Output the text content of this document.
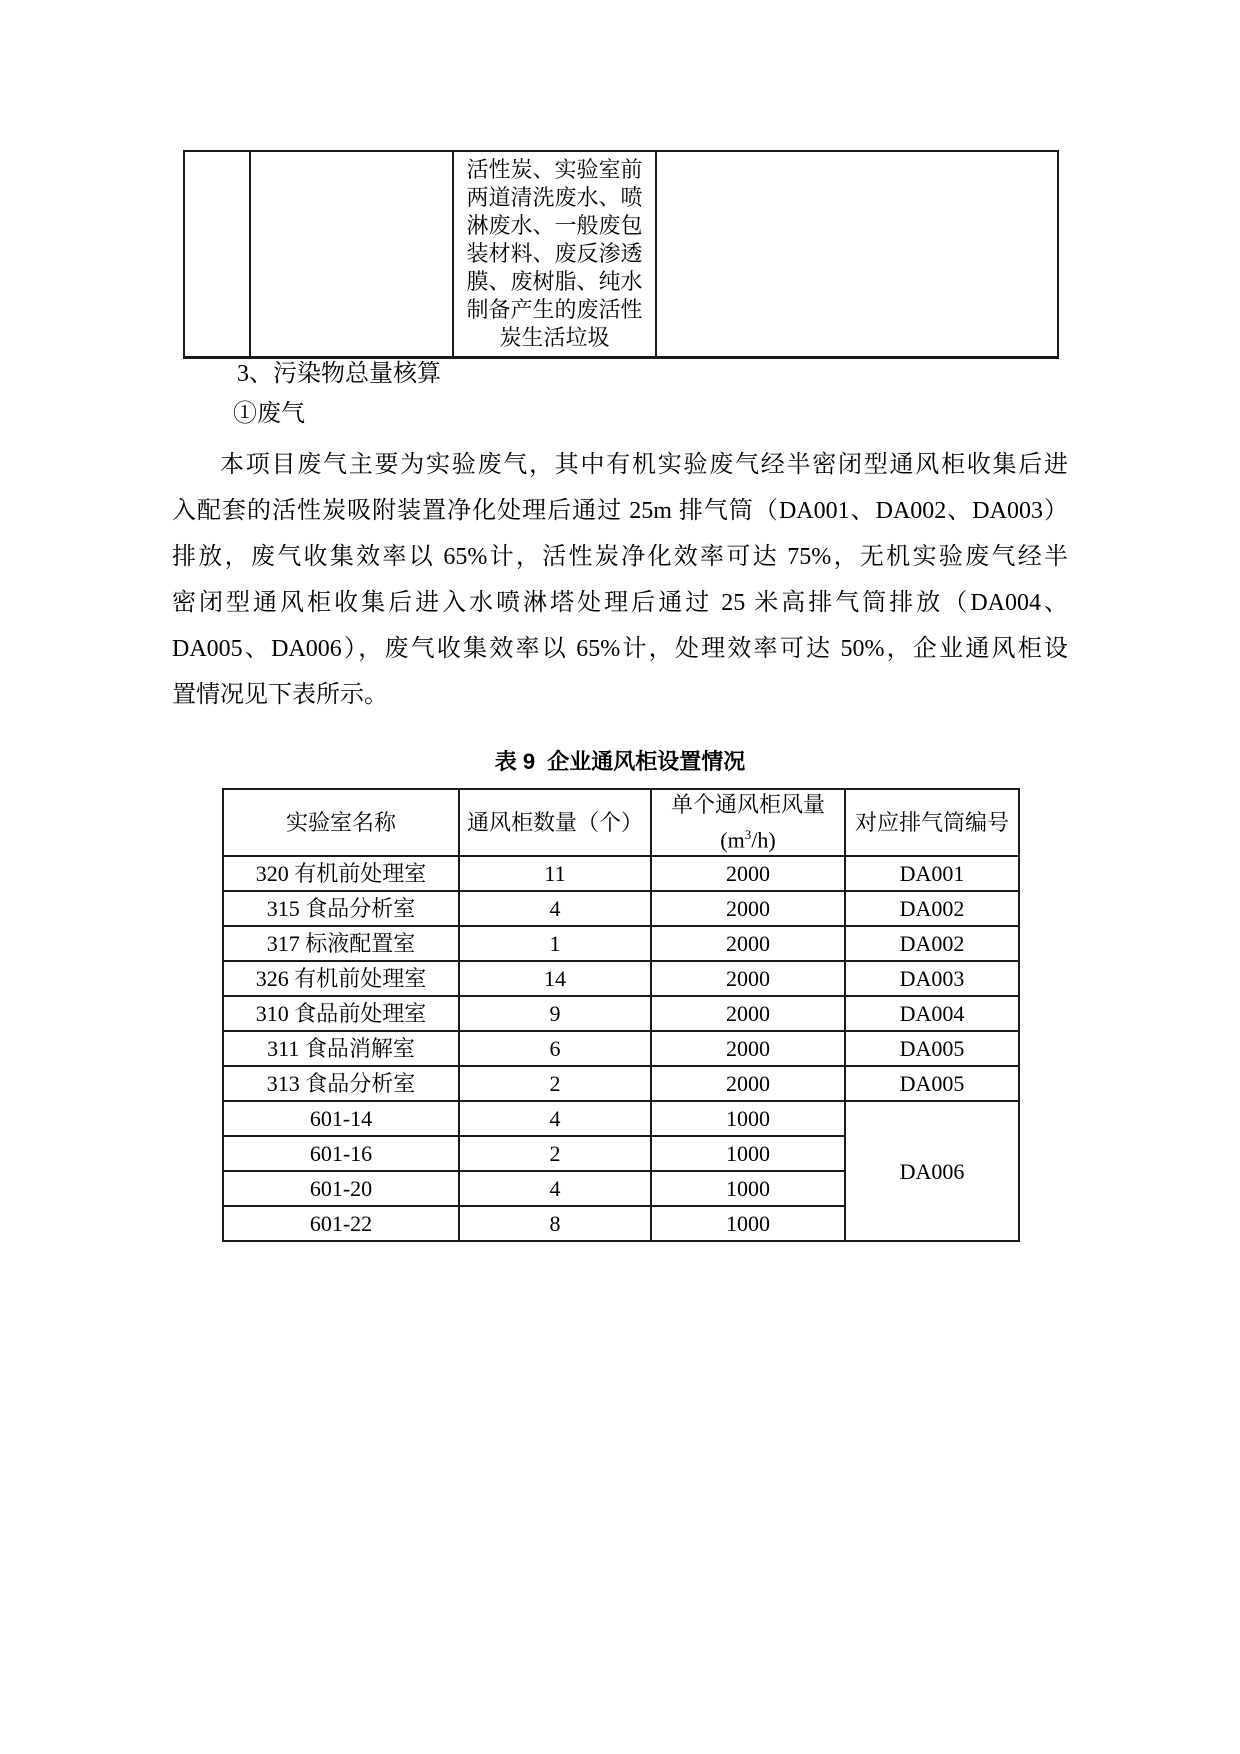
活性炭、实验室前
两道清洗废水、喷
淋废水、一般废包
装材料、废反渗透
膜、废树脂、纯水
制备产生的废活性
炭生活垃圾

3、污染物总量核算
①废气
本项目废气主要为实验废气，其中有机实验废气经半密闭型通风柜收集后进
入配套的活性炭吸附装置净化处理后通过 25m 排气筒（DA001、DA002、DA003）
排放，废气收集效率以 65%计，活性炭净化效率可达 75%，无机实验废气经半
密闭型通风柜收集后进入水喷淋塔处理后通过 25 米高排气筒排放（DA004、
DA005、DA006），废气收集效率以 65%计，处理效率可达 50%，企业通风柜设
置情况见下表所示。
表 9  企业通风柜设置情况
实验室名称	通风柜数量（个）	单个通风柜风量
$(m^3/h)$	对应排气筒编号
320 有机前处理室	11	2000	DA001
315 食品分析室	4	2000	DA002
317 标液配置室	1	2000	DA002
326 有机前处理室	14	2000	DA003
310 食品前处理室	9	2000	DA004
311 食品消解室	6	2000	DA005
313 食品分析室	2	2000	DA005
601-14	4	1000	DA006
601-16	2	1000	
601-20	4	1000	
601-22	8	1000	
